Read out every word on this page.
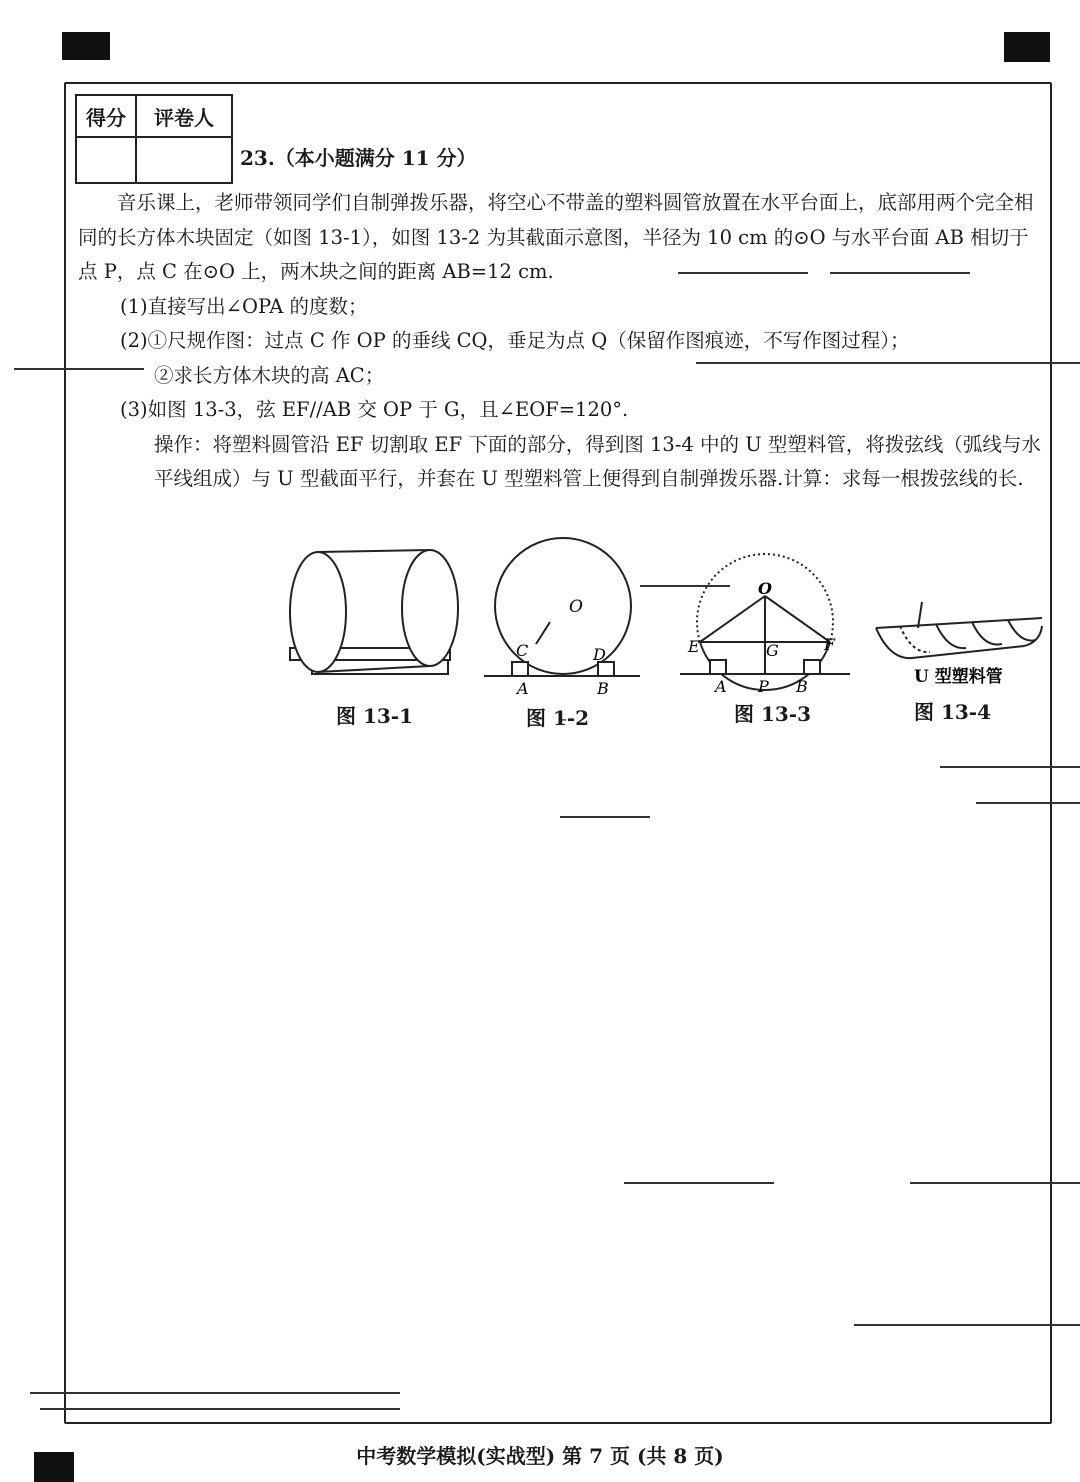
得分	评卷人

23.（本小题满分 11 分）

音乐课上，老师带领同学们自制弹拨乐器，将空心不带盖的塑料圆管放置在水平台面上，底部用两个完全相同的长方体木块固定（如图 13-1），如图 13-2 为其截面示意图，半径为 10 cm 的⊙O 与水平台面 AB 相切于点 P，点 C 在⊙O 上，两木块之间的距离 AB=12 cm.

(1)直接写出∠OPA 的度数；

(2)①尺规作图：过点 C 作 OP 的垂线 CQ，垂足为点 Q（保留作图痕迹，不写作图过程）；

②求长方体木块的高 AC；

(3)如图 13-3，弦 EF//AB 交 OP 于 G，且∠EOF=120°.

操作：将塑料圆管沿 EF 切割取 EF 下面的部分，得到图 13-4 中的 U 型塑料管，将拨弦线（弧线与水平线组成）与 U 型截面平行，并套在 U 型塑料管上便得到自制弹拨乐器.计算：求每一根拨弦线的长.

O
C	D
A	B
O
E	F
G
A P B	U 型塑料管
图 13-1	图 1̵-2	图 13-3	图 13-4
中考数学模拟(实战型) 第 7 页 (共 8 页)
